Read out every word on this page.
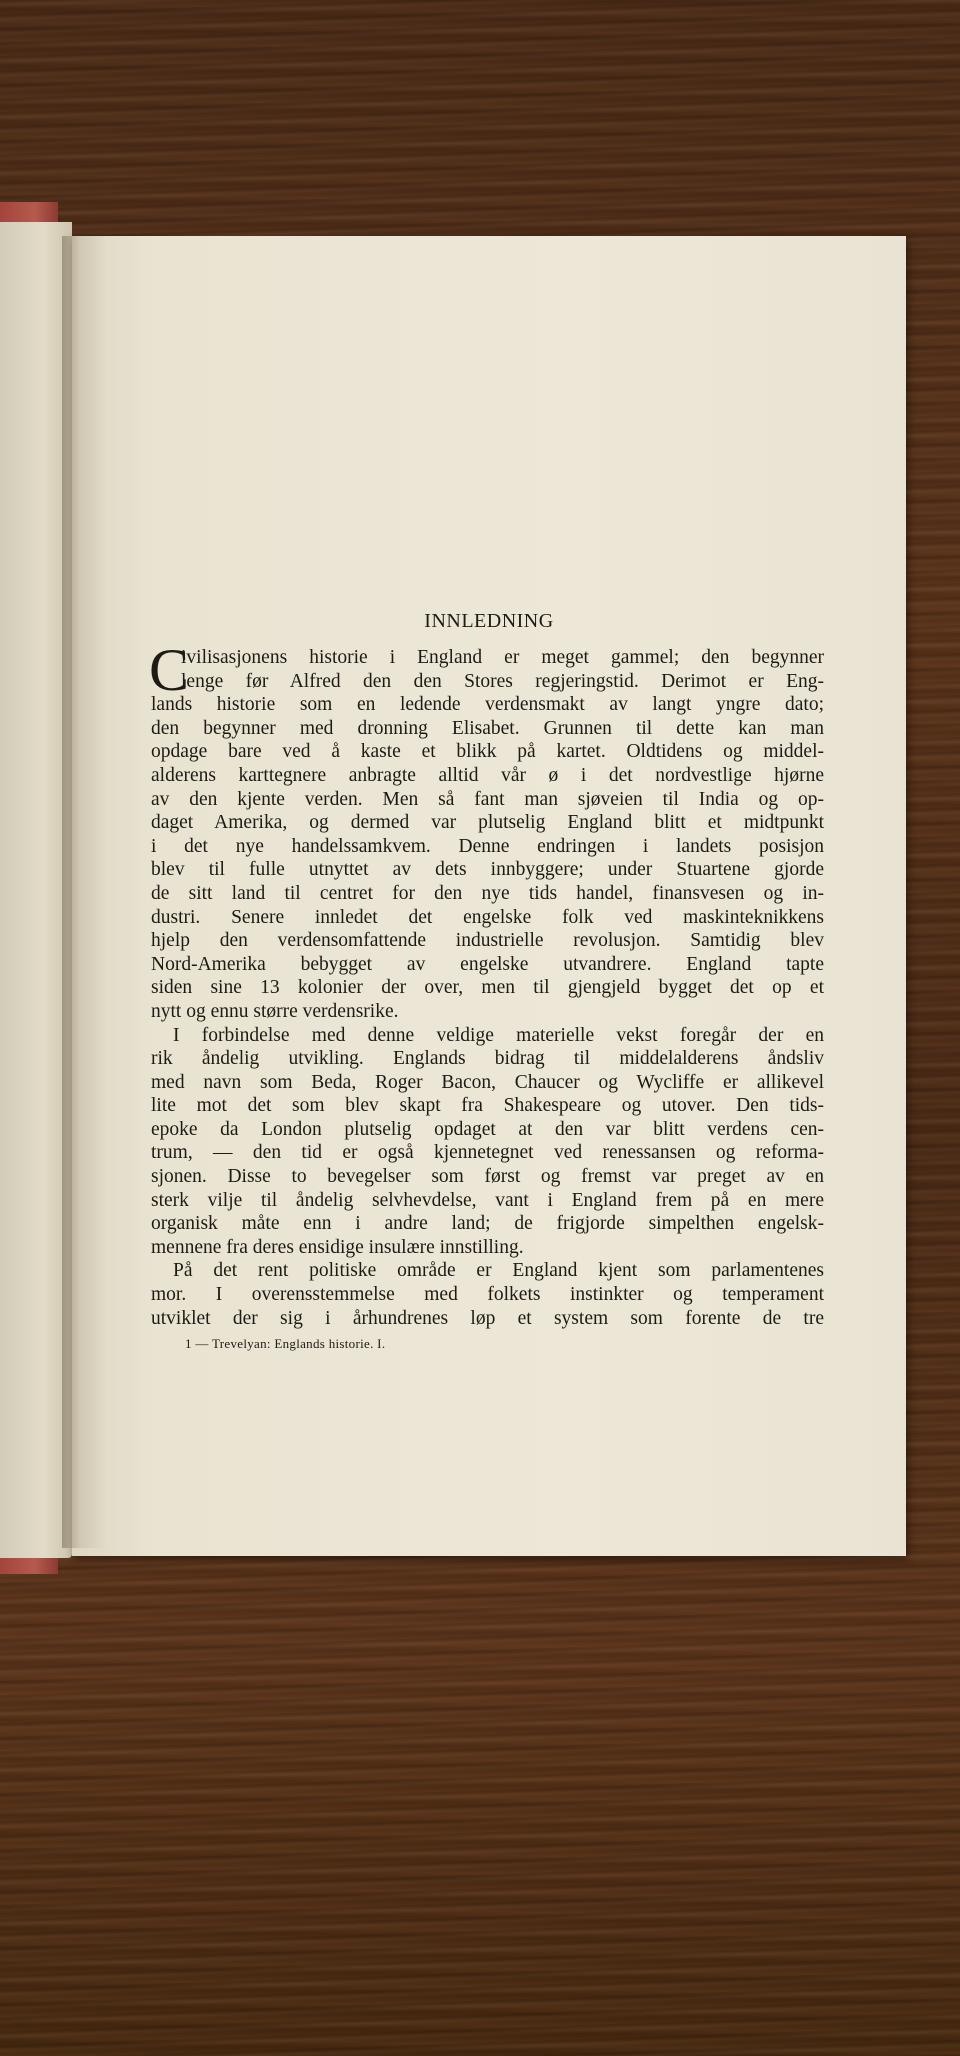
INNLEDNING
C
ivilisasjonens historie i England er meget gammel; den begynner
lenge før Alfred den den Stores regjeringstid. Derimot er Eng-
lands historie som en ledende verdensmakt av langt yngre dato;
den begynner med dronning Elisabet. Grunnen til dette kan man
opdage bare ved å kaste et blikk på kartet. Oldtidens og middel-
alderens karttegnere anbragte alltid vår ø i det nordvestlige hjørne
av den kjente verden. Men så fant man sjøveien til India og op-
daget Amerika, og dermed var plutselig England blitt et midtpunkt
i det nye handelssamkvem. Denne endringen i landets posisjon
blev til fulle utnyttet av dets innbyggere; under Stuartene gjorde
de sitt land til centret for den nye tids handel, finansvesen og in-
dustri. Senere innledet det engelske folk ved maskinteknikkens
hjelp den verdensomfattende industrielle revolusjon. Samtidig blev
Nord-Amerika bebygget av engelske utvandrere. England tapte
siden sine 13 kolonier der over, men til gjengjeld bygget det op et
nytt og ennu større verdensrike.
I forbindelse med denne veldige materielle vekst foregår der en
rik åndelig utvikling. Englands bidrag til middelalderens åndsliv
med navn som Beda, Roger Bacon, Chaucer og Wycliffe er allikevel
lite mot det som blev skapt fra Shakespeare og utover. Den tids-
epoke da London plutselig opdaget at den var blitt verdens cen-
trum, — den tid er også kjennetegnet ved renessansen og reforma-
sjonen. Disse to bevegelser som først og fremst var preget av en
sterk vilje til åndelig selvhevdelse, vant i England frem på en mere
organisk måte enn i andre land; de frigjorde simpelthen engelsk-
mennene fra deres ensidige insulære innstilling.
På det rent politiske område er England kjent som parlamentenes
mor. I overensstemmelse med folkets instinkter og temperament
utviklet der sig i århundrenes løp et system som forente de tre
1 — Trevelyan: Englands historie. I.
